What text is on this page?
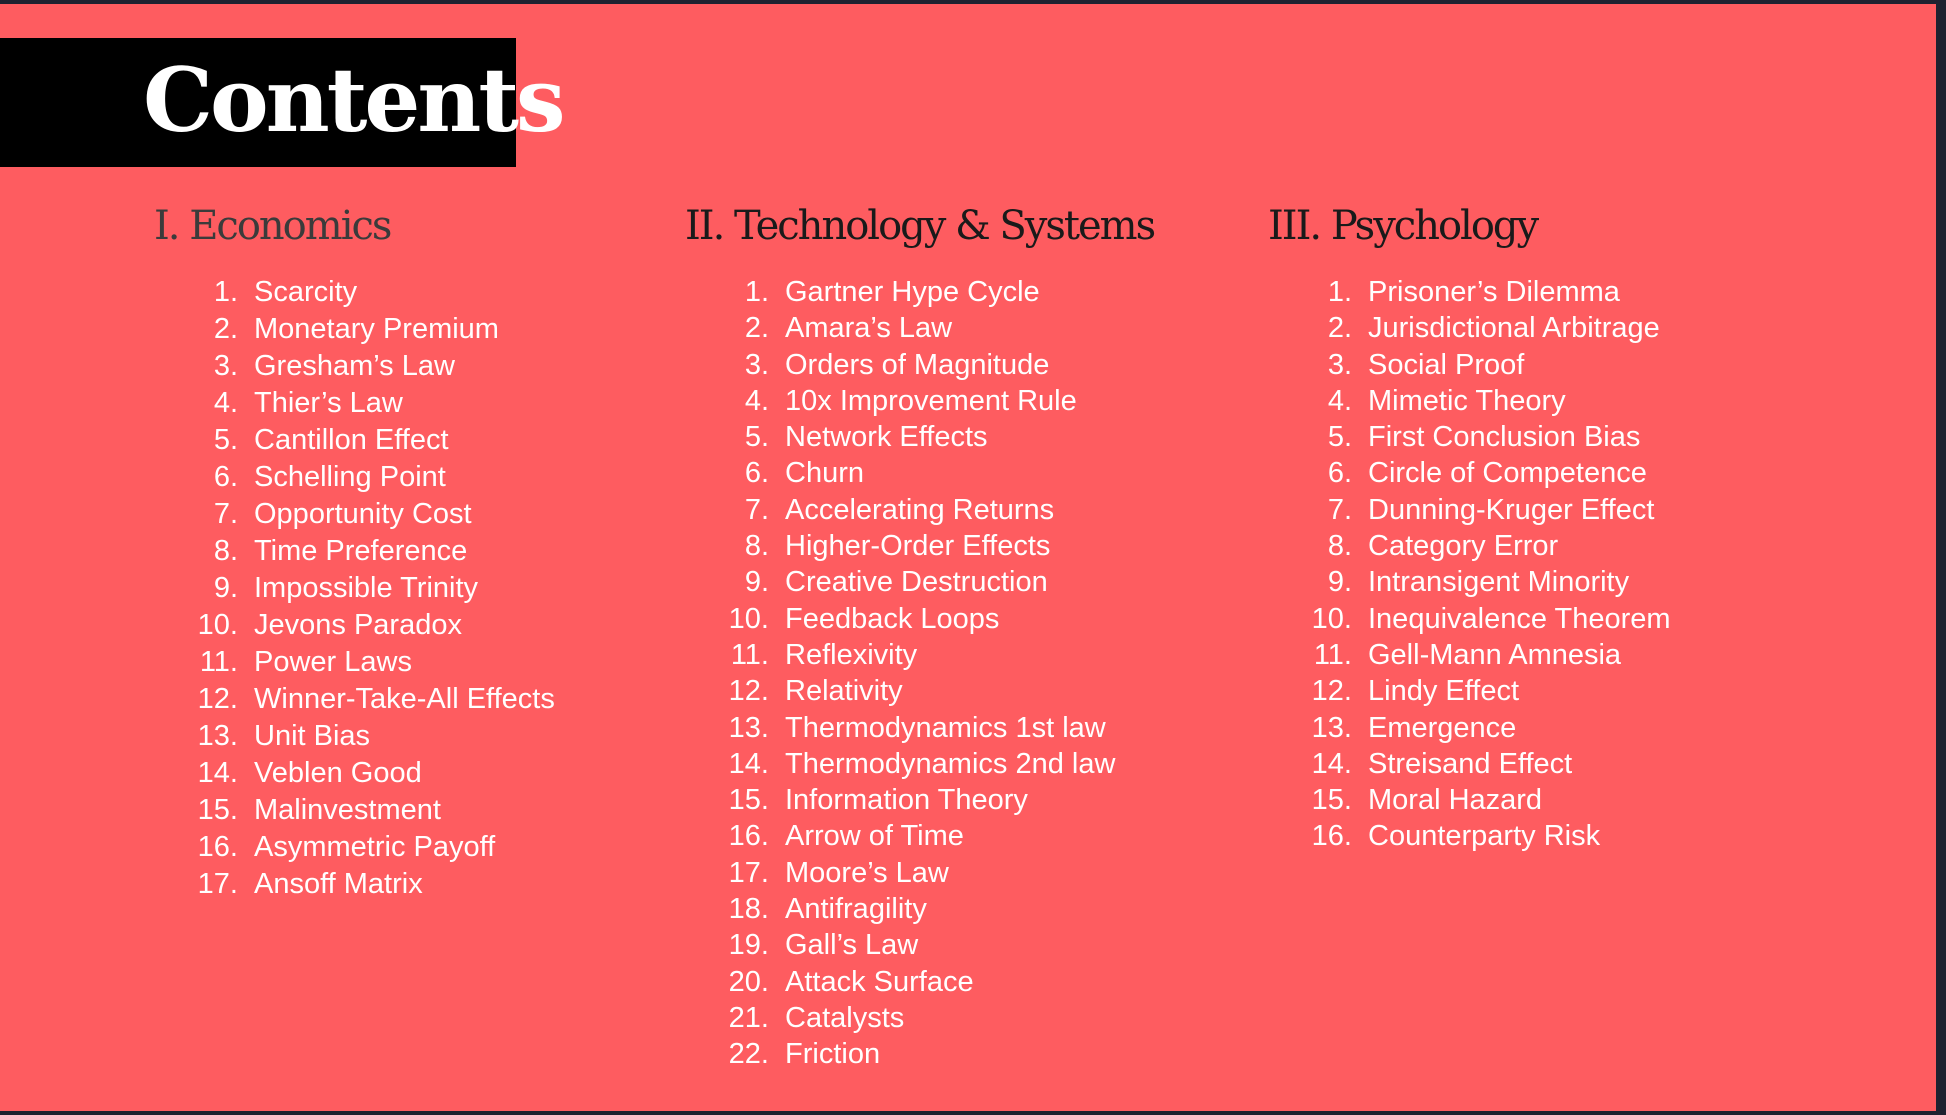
Contents
I. Economics
1. Scarcity
2. Monetary Premium
3. Gresham’s Law
4. Thier’s Law
5. Cantillon Effect
6. Schelling Point
7. Opportunity Cost
8. Time Preference
9. Impossible Trinity
10. Jevons Paradox
11. Power Laws
12. Winner-Take-All Effects
13. Unit Bias
14. Veblen Good
15. Malinvestment
16. Asymmetric Payoff
17. Ansoff Matrix
II. Technology & Systems
1. Gartner Hype Cycle
2. Amara’s Law
3. Orders of Magnitude
4. 10x Improvement Rule
5. Network Effects
6. Churn
7. Accelerating Returns
8. Higher-Order Effects
9. Creative Destruction
10. Feedback Loops
11. Reflexivity
12. Relativity
13. Thermodynamics 1st law
14. Thermodynamics 2nd law
15. Information Theory
16. Arrow of Time
17. Moore’s Law
18. Antifragility
19. Gall’s Law
20. Attack Surface
21. Catalysts
22. Friction
III. Psychology
1. Prisoner’s Dilemma
2. Jurisdictional Arbitrage
3. Social Proof
4. Mimetic Theory
5. First Conclusion Bias
6. Circle of Competence
7. Dunning-Kruger Effect
8. Category Error
9. Intransigent Minority
10. Inequivalence Theorem
11. Gell-Mann Amnesia
12. Lindy Effect
13. Emergence
14. Streisand Effect
15. Moral Hazard
16. Counterparty Risk
